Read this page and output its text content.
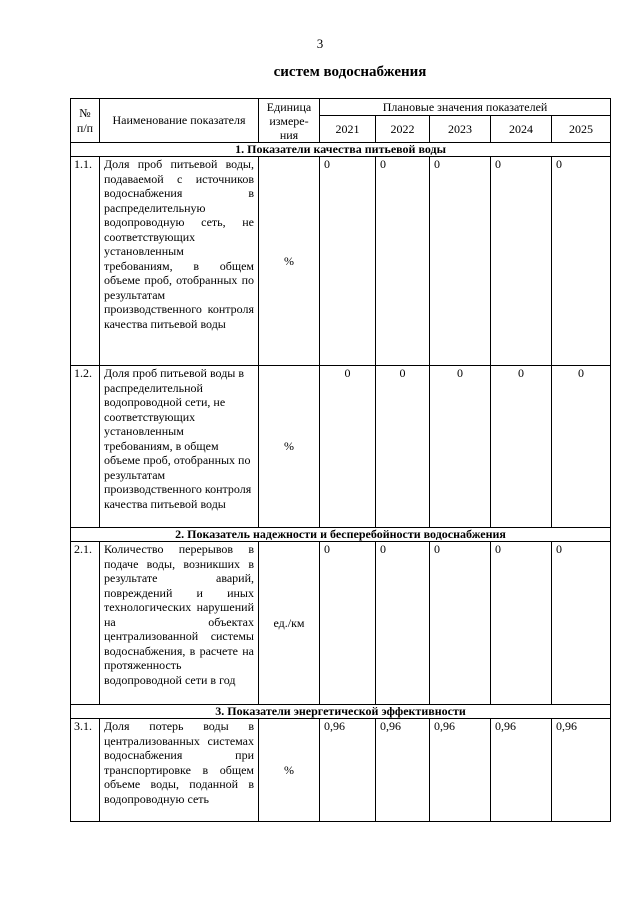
3
систем водоснабжения
№ п/п	Наименование показателя	Единица измере-ния	Плановые значения показателей				
			2021	2022	2023	2024	2025
1. Показатели качества питьевой воды							
1.1.	Доля проб питьевой воды, подаваемой с источников водоснабжения в распределительную водопроводную сеть, не соответствующих установленным требованиям, в общем объеме проб, отобранных по результатам производственного контроля качества питьевой воды	%	0	0	0	0	0
1.2.	Доля проб питьевой воды в распределительной водопроводной сети, не соответствующих установленным требованиям, в общем объеме проб, отобранных по результатам производственного контроля качества питьевой воды	%	0	0	0	0	0
2. Показатель надежности и бесперебойности водоснабжения							
2.1.	Количество перерывов в подаче воды, возникших в результате аварий, повреждений и иных технологических нарушений на объектах централизованной системы водоснабжения, в расчете на протяженность водопроводной сети в год	ед./км	0	0	0	0	0
3. Показатели энергетической эффективности							
3.1.	Доля потерь воды в централизованных системах водоснабжения при транспортировке в общем объеме воды, поданной в водопроводную сеть	%	0,96	0,96	0,96	0,96	0,96
